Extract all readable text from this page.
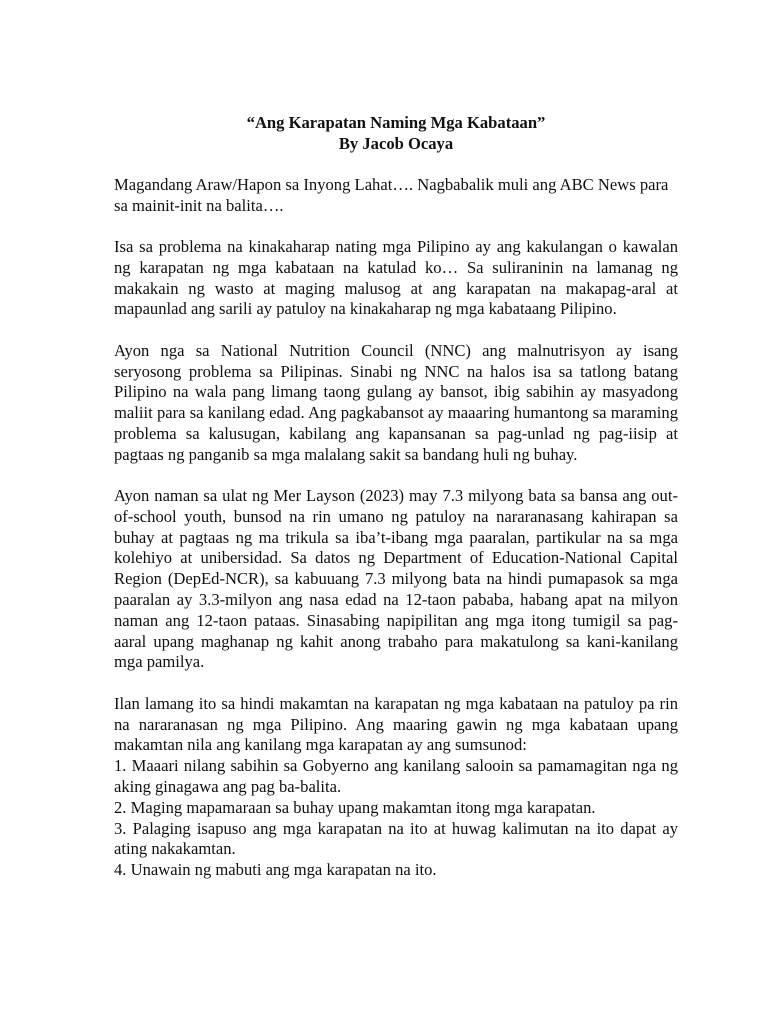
“Ang Karapatan Naming Mga Kabataan”
By Jacob Ocaya

Magandang Araw/Hapon sa Inyong Lahat…. Nagbabalik muli ang ABC News para sa mainit-init na balita….

Isa sa problema na kinakaharap nating mga Pilipino ay ang kakulangan o kawalan ng karapatan ng mga kabataan na katulad ko… Sa suliraninin na lamanag ng makakain ng wasto at maging malusog at ang karapatan na makapag-aral at mapaunlad ang sarili ay patuloy na kinakaharap ng mga kabataang Pilipino.

Ayon nga sa National Nutrition Council (NNC) ang malnutrisyon ay isang seryosong problema sa Pilipinas. Sinabi ng NNC na halos isa sa tatlong batang Pilipino na wala pang limang taong gulang ay bansot, ibig sabihin ay masyadong maliit para sa kanilang edad. Ang pagkabansot ay maaaring humantong sa maraming problema sa kalusugan, kabilang ang kapansanan sa pag-unlad ng pag-iisip at pagtaas ng panganib sa mga malalang sakit sa bandang huli ng buhay.

Ayon naman sa ulat ng Mer Layson (2023) may 7.3 milyong bata sa bansa ang out-of-school youth, bunsod na rin umano ng patuloy na nararanasang kahirapan sa buhay at pagtaas ng ma trikula sa iba’t-ibang mga paaralan, partikular na sa mga kolehiyo at unibersidad. Sa datos ng Department of Education-National Capital Region (DepEd-NCR), sa kabuuang 7.3 milyong bata na hindi pumapasok sa mga paaralan ay 3.3-milyon ang nasa edad na 12-taon pababa, habang apat na milyon naman ang 12-taon pataas. Sinasabing napipilitan ang mga itong tumigil sa pag-aaral upang maghanap ng kahit anong trabaho para makatulong sa kani-kanilang mga pamilya.

Ilan lamang ito sa hindi makamtan na karapatan ng mga kabataan na patuloy pa rin na nararanasan ng mga Pilipino. Ang maaring gawin ng mga kabataan upang makamtan nila ang kanilang mga karapatan ay ang sumsunod:

1. Maaari nilang sabihin sa Gobyerno ang kanilang salooin sa pamamagitan nga ng aking ginagawa ang pag ba-balita.
2. Maging mapamaraan sa buhay upang makamtan itong mga karapatan.
3. Palaging isapuso ang mga karapatan na ito at huwag kalimutan na ito dapat ay ating nakakamtan.
4. Unawain ng mabuti ang mga karapatan na ito.
